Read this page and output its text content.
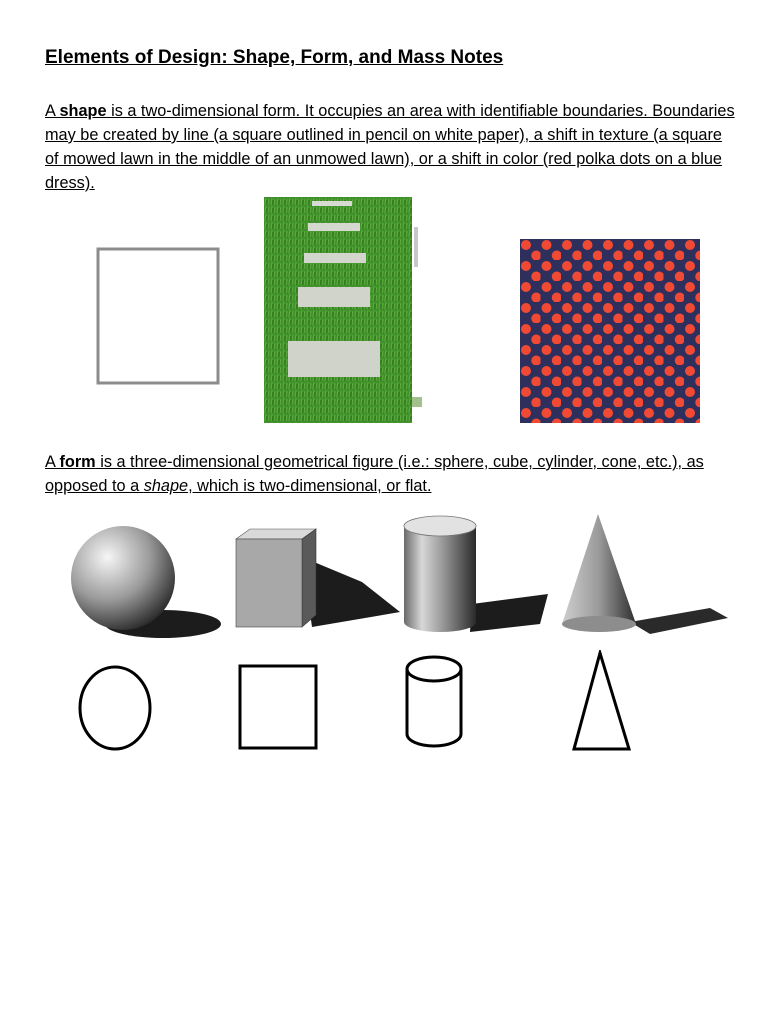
Elements of Design: Shape, Form, and Mass Notes

A shape is a two-dimensional form. It occupies an area with identifiable boundaries. Boundaries may be created by line (a square outlined in pencil on white paper), a shift in texture (a square of mowed lawn in the middle of an unmowed lawn), or a shift in color (red polka dots on a blue dress).

A form is a three-dimensional geometrical figure (i.e.: sphere, cube, cylinder, cone, etc.), as opposed to a shape, which is two-dimensional, or flat.
